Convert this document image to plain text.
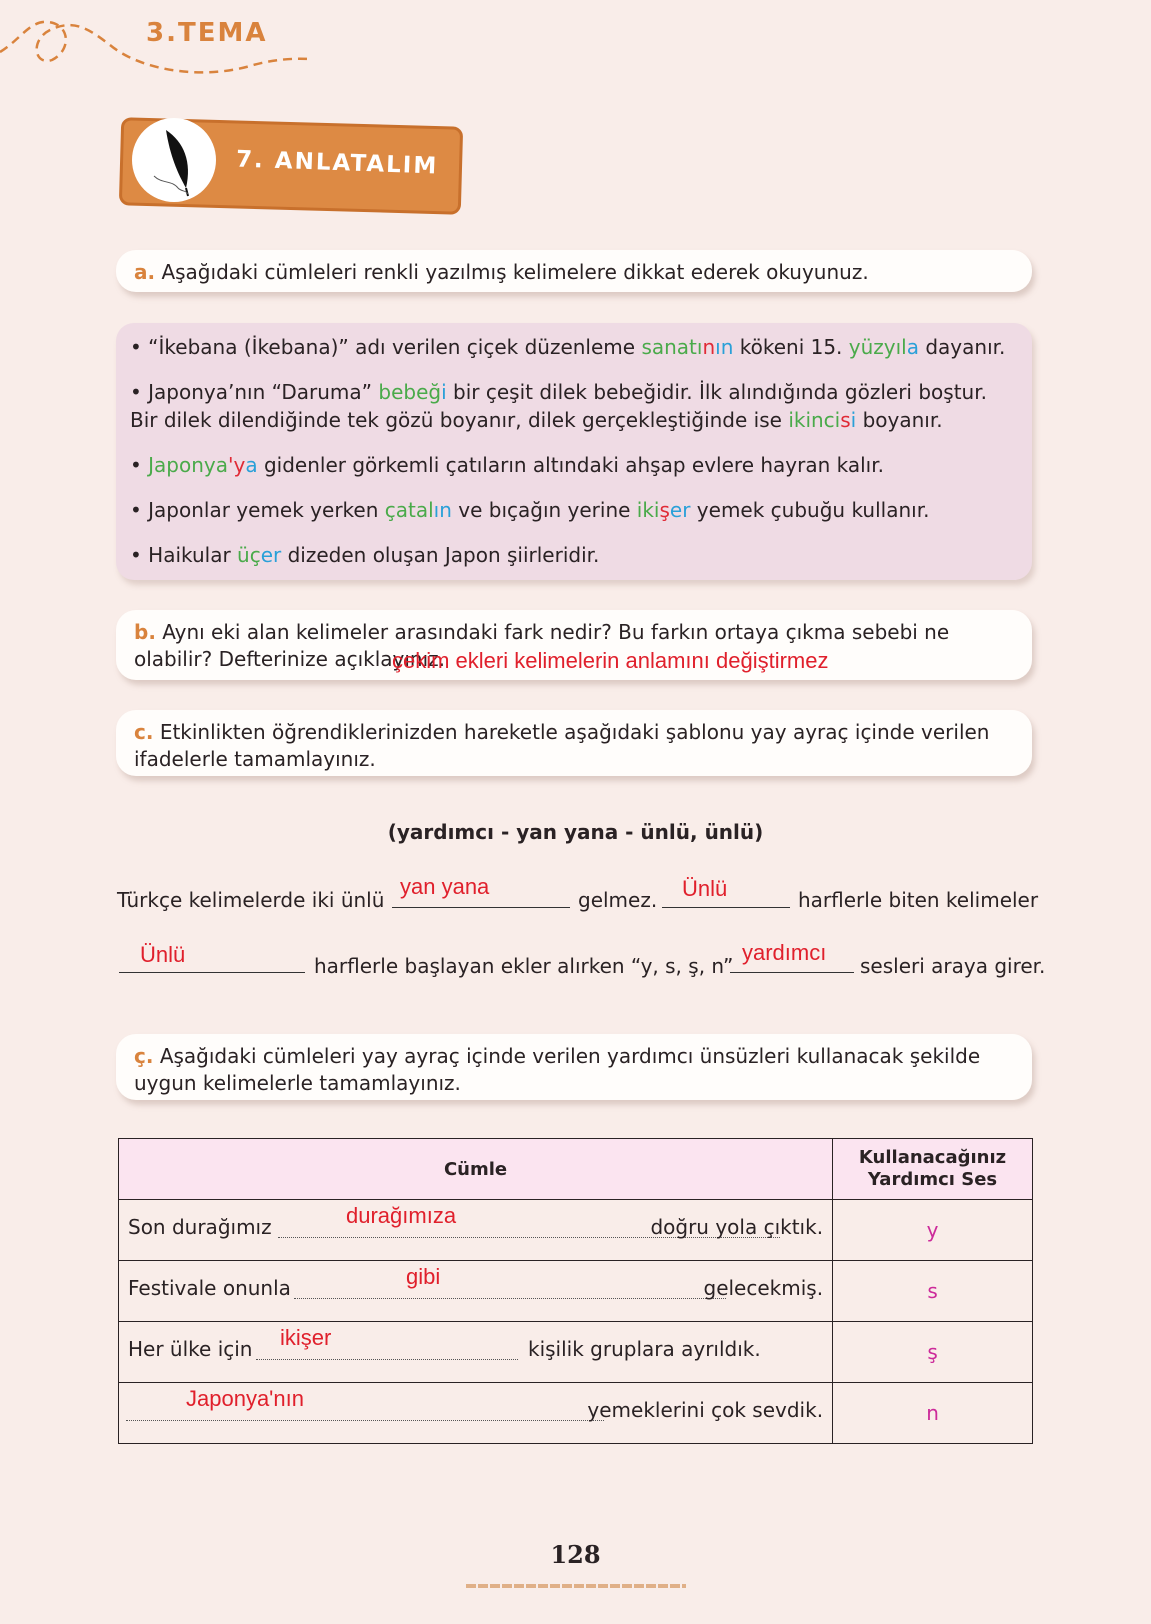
3.TEMA
7. ANLATALIM
a. Aşağıdaki cümleleri renkli yazılmış kelimelere dikkat ederek okuyunuz.

• “İkebana (İkebana)” adı verilen çiçek düzenleme sanatının kökeni 15. yüzyıla dayanır.

• Japonya’nın “Daruma” bebeği bir çeşit dilek bebeğidir. İlk alındığında gözleri boştur. Bir dilek dilendiğinde tek gözü boyanır, dilek gerçekleştiğinde ise ikincisi boyanır.

• Japonya'ya gidenler görkemli çatıların altındaki ahşap evlere hayran kalır.

• Japonlar yemek yerken çatalın ve bıçağın yerine ikişer yemek çubuğu kullanır.

• Haikular üçer dizeden oluşan Japon şiirleridir.

b. Aynı eki alan kelimeler arasındaki fark nedir? Bu farkın ortaya çıkma sebebi ne olabilir? Defterinize açıklayınız.
çekim ekleri kelimelerin anlamını değiştirmez
c. Etkinlikten öğrendiklerinizden hareketle aşağıdaki şablonu yay ayraç içinde verilen ifadelerle tamamlayınız.
(yardımcı - yan yana - ünlü, ünlü)
Türkçe kelimelerde iki ünlü
yan yana
gelmez. Ünlü	harflerle biten kelimeler
Ünlü	harflerle başlayan ekler alırken “y, s, ş, n”
yardımcı
sesleri araya girer.
ç. Aşağıdaki cümleleri yay ayraç içinde verilen yardımcı ünsüzleri kullanacak şekilde uygun kelimelerle tamamlayınız.
Cümle	Kullanacağınız Yardımcı Ses

Son durağımız durağımıza doğru yola çıktık.	y

Festivale onunla gibi gelecekmiş.	s

Her ülke için ikişer kişilik gruplara ayrıldık.	ş

Japonya'nın yemeklerini çok sevdik.	n
128
